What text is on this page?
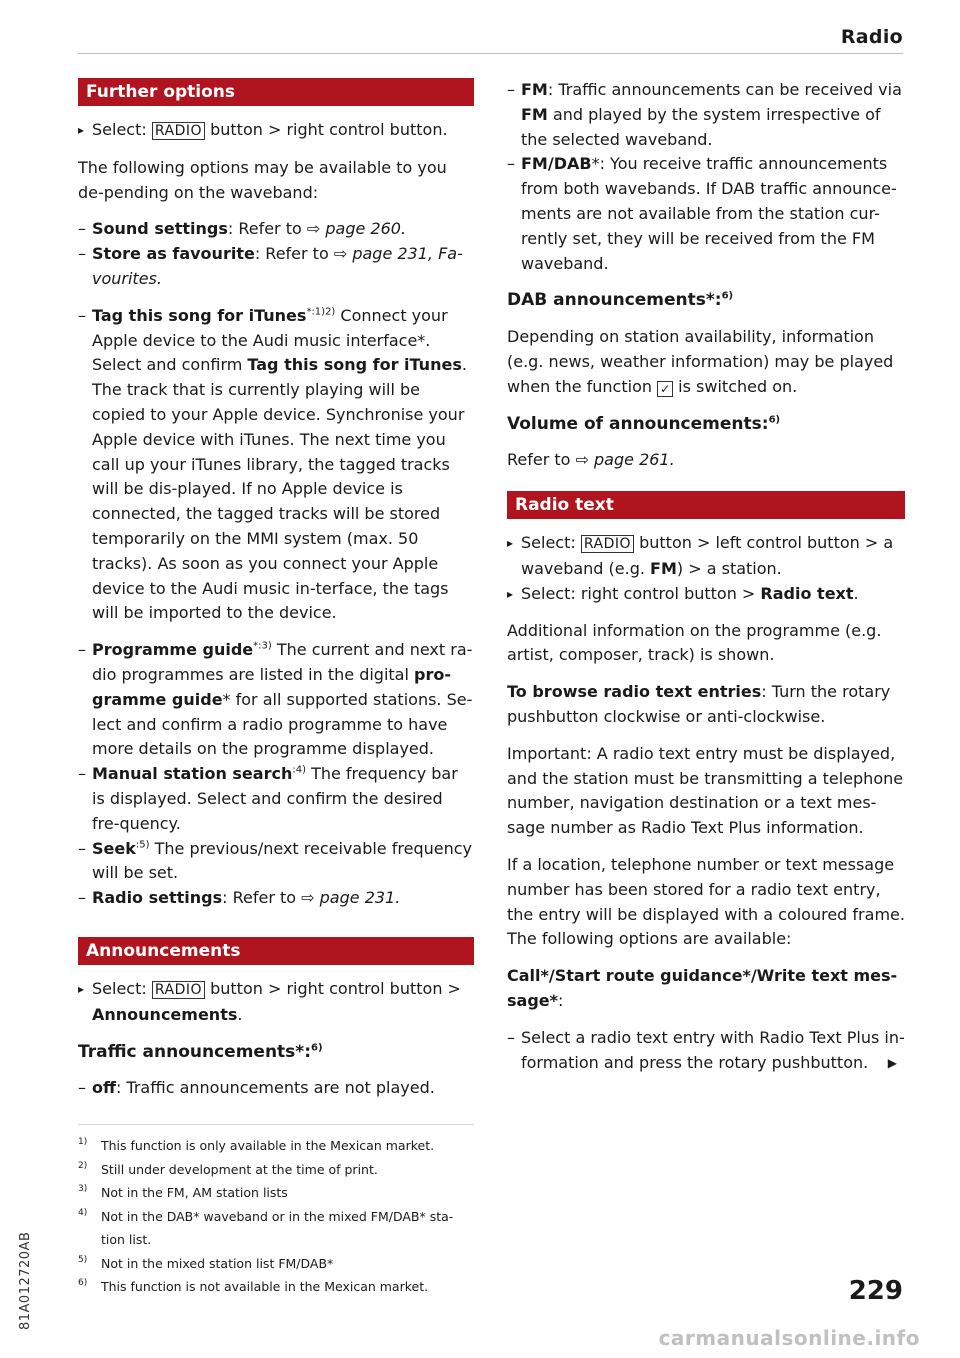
Radio
Further options
▸ Select: RADIO button > right control button.

The following options may be available to you de-pending on the waveband:

– Sound settings: Refer to ⇨ page 260.
– Store as favourite: Refer to ⇨ page 231, Fa-vourites.
– Tag this song for iTunes$^{*:1)2)}$ Connect your Apple device to the Audi music interface*. Select and confirm Tag this song for iTunes. The track that is currently playing will be copied to your Apple device. Synchronise your Apple device with iTunes. The next time you call up your iTunes library, the tagged tracks will be dis-played. If no Apple device is connected, the tagged tracks will be stored temporarily on the MMI system (max. 50 tracks). As soon as you connect your Apple device to the Audi music in-terface, the tags will be imported to the device.
– Programme guide$^{*:3)}$ The current and next ra-dio programmes are listed in the digital pro-gramme guide* for all supported stations. Se-lect and confirm a radio programme to have more details on the programme displayed.
– Manual station search$^{:4)}$ The frequency bar is displayed. Select and confirm the desired fre-quency.
– Seek$^{:5)}$ The previous/next receivable frequency will be set.
– Radio settings: Refer to ⇨ page 231.
Announcements
▸ Select: RADIO button > right control button > Announcements.
Traffic announcements*:$^{6)}$
– off: Traffic announcements are not played.
1) This function is only available in the Mexican market.
2) Still under development at the time of print.
3) Not in the FM, AM station lists
4) Not in the DAB* waveband or in the mixed FM/DAB* sta-tion list.
5) Not in the mixed station list FM/DAB*
6) This function is not available in the Mexican market.
– FM: Traffic announcements can be received via FM and played by the system irrespective of the selected waveband.
– FM/DAB*: You receive traffic announcements from both wavebands. If DAB traffic announce-ments are not available from the station cur-rently set, they will be received from the FM waveband.
DAB announcements*:$^{6)}$

Depending on station availability, information (e.g. news, weather information) may be played when the function ✓ is switched on.

Volume of announcements:$^{6)}$

Refer to ⇨ page 261.

Radio text
▸ Select: RADIO button > left control button > a waveband (e.g. FM) > a station.
▸ Select: right control button > Radio text.

Additional information on the programme (e.g. artist, composer, track) is shown.

To browse radio text entries: Turn the rotary pushbutton clockwise or anti-clockwise.

Important: A radio text entry must be displayed, and the station must be transmitting a telephone number, navigation destination or a text mes-sage number as Radio Text Plus information.

If a location, telephone number or text message number has been stored for a radio text entry, the entry will be displayed with a coloured frame. The following options are available:

Call*/Start route guidance*/Write text mes-sage*:

– Select a radio text entry with Radio Text Plus in-formation and press the rotary pushbutton. ▶
81A012720AB	229
carmanualsonline.info
